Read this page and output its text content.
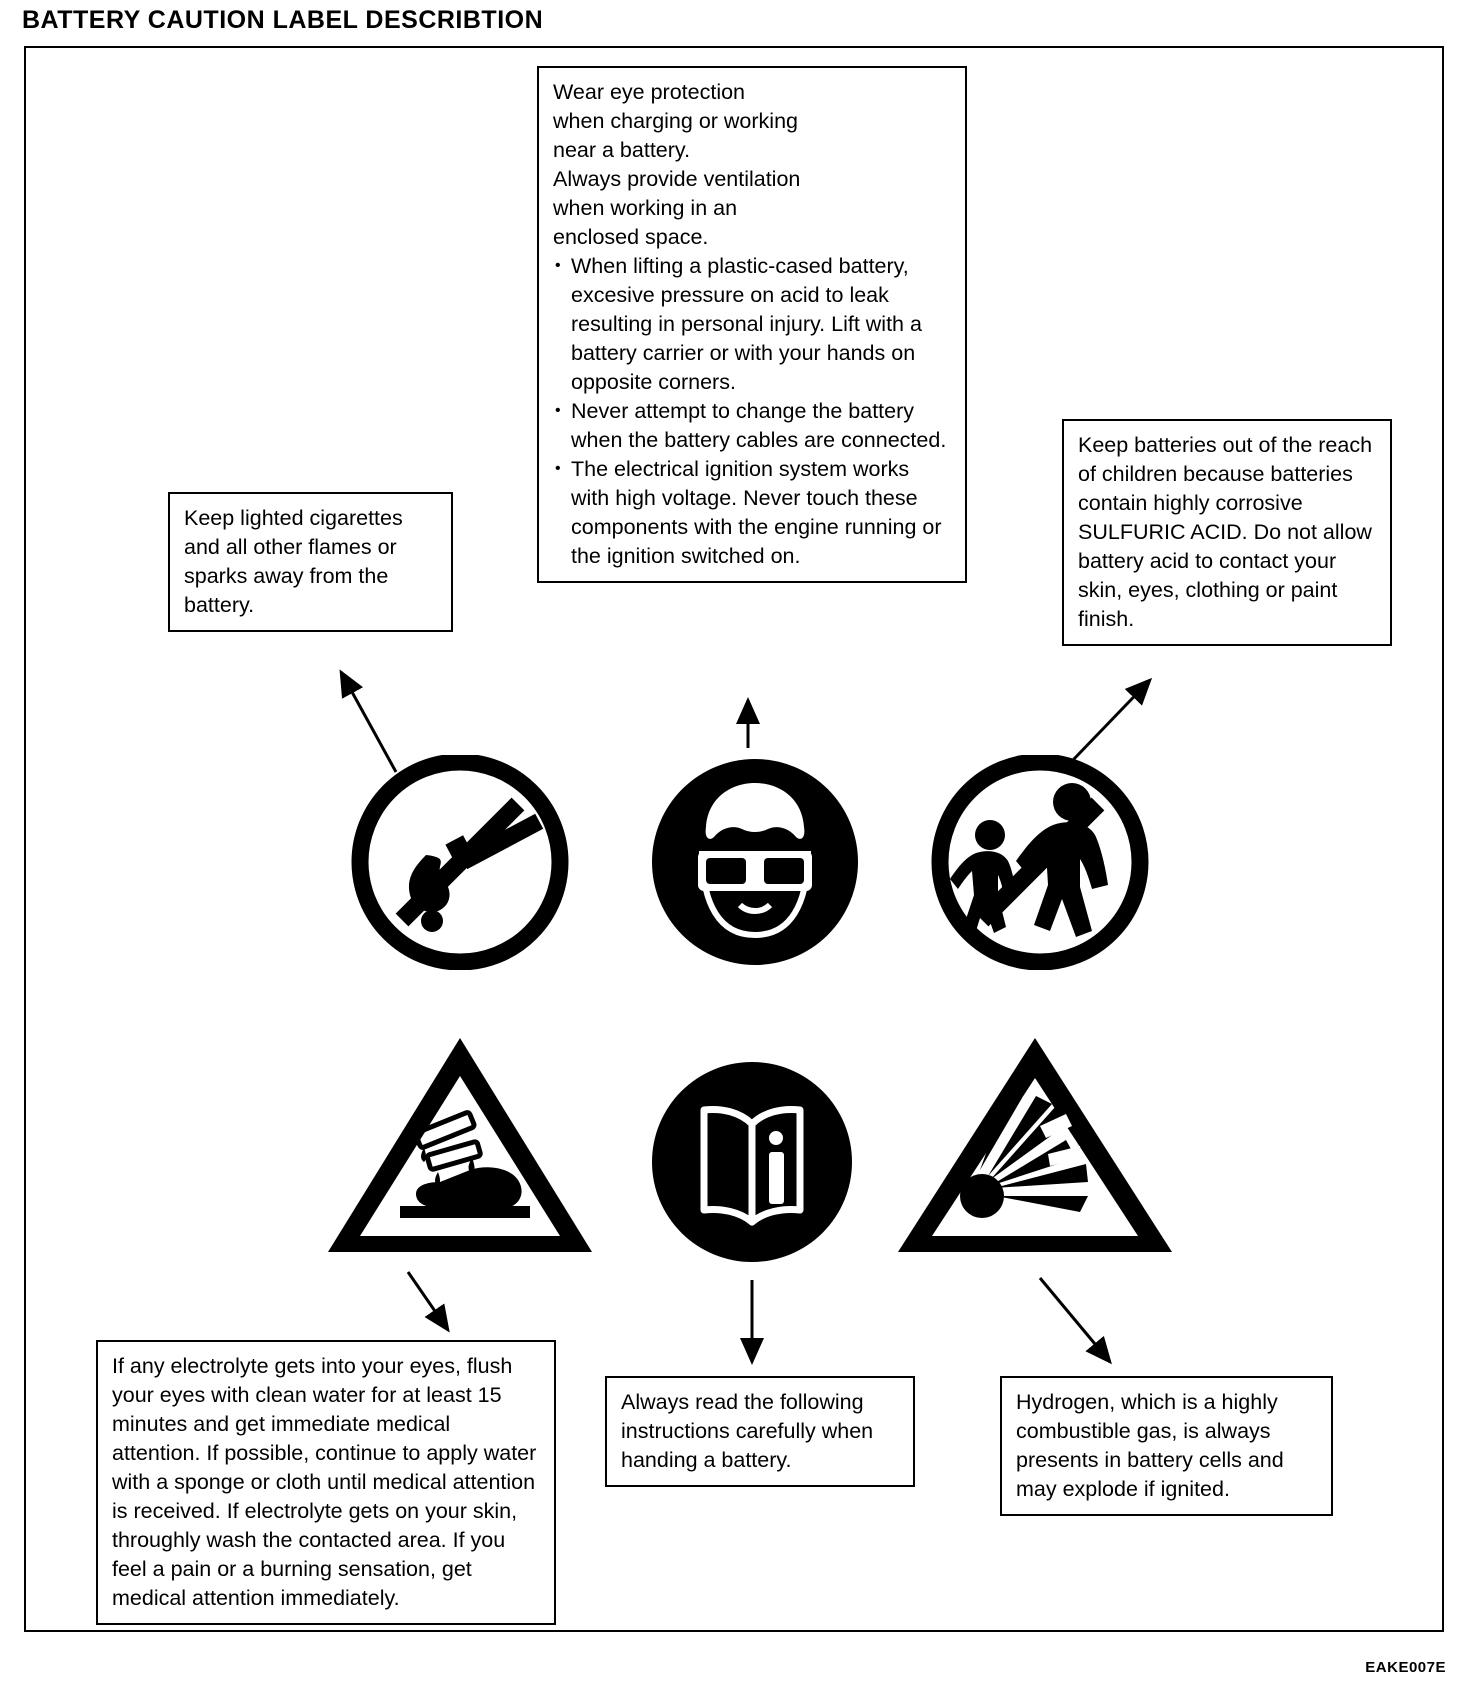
BATTERY CAUTION LABEL DESCRIBTION

Wear eye protection

when charging or working

near a battery.

Always provide ventilation

when working in an

enclosed space.

• When lifting a plastic-cased battery, excesive pressure on acid to leak resulting in personal injury. Lift with a battery carrier or with your hands on opposite corners.
• Never attempt to change the battery when the battery cables are connected.
• The electrical ignition system works with high voltage. Never touch these components with the engine running or the ignition switched on.

Keep lighted cigarettes and all other flames or sparks away from the battery.

Keep batteries out of the reach of children because batteries contain highly corrosive SULFURIC ACID. Do not allow battery acid to contact your skin, eyes, clothing or paint finish.

If any electrolyte gets into your eyes, flush your eyes with clean water for at least 15 minutes and get immediate medical attention. If possible, continue to apply water with a sponge or cloth until medical attention is received. If electrolyte gets on your skin, throughly wash the contacted area. If you feel a pain or a burning sensation, get medical attention immediately.

Always read the following instructions carefully when handing a battery.

Hydrogen, which is a highly combustible gas, is always presents in battery cells and may explode if ignited.

EAKE007E
